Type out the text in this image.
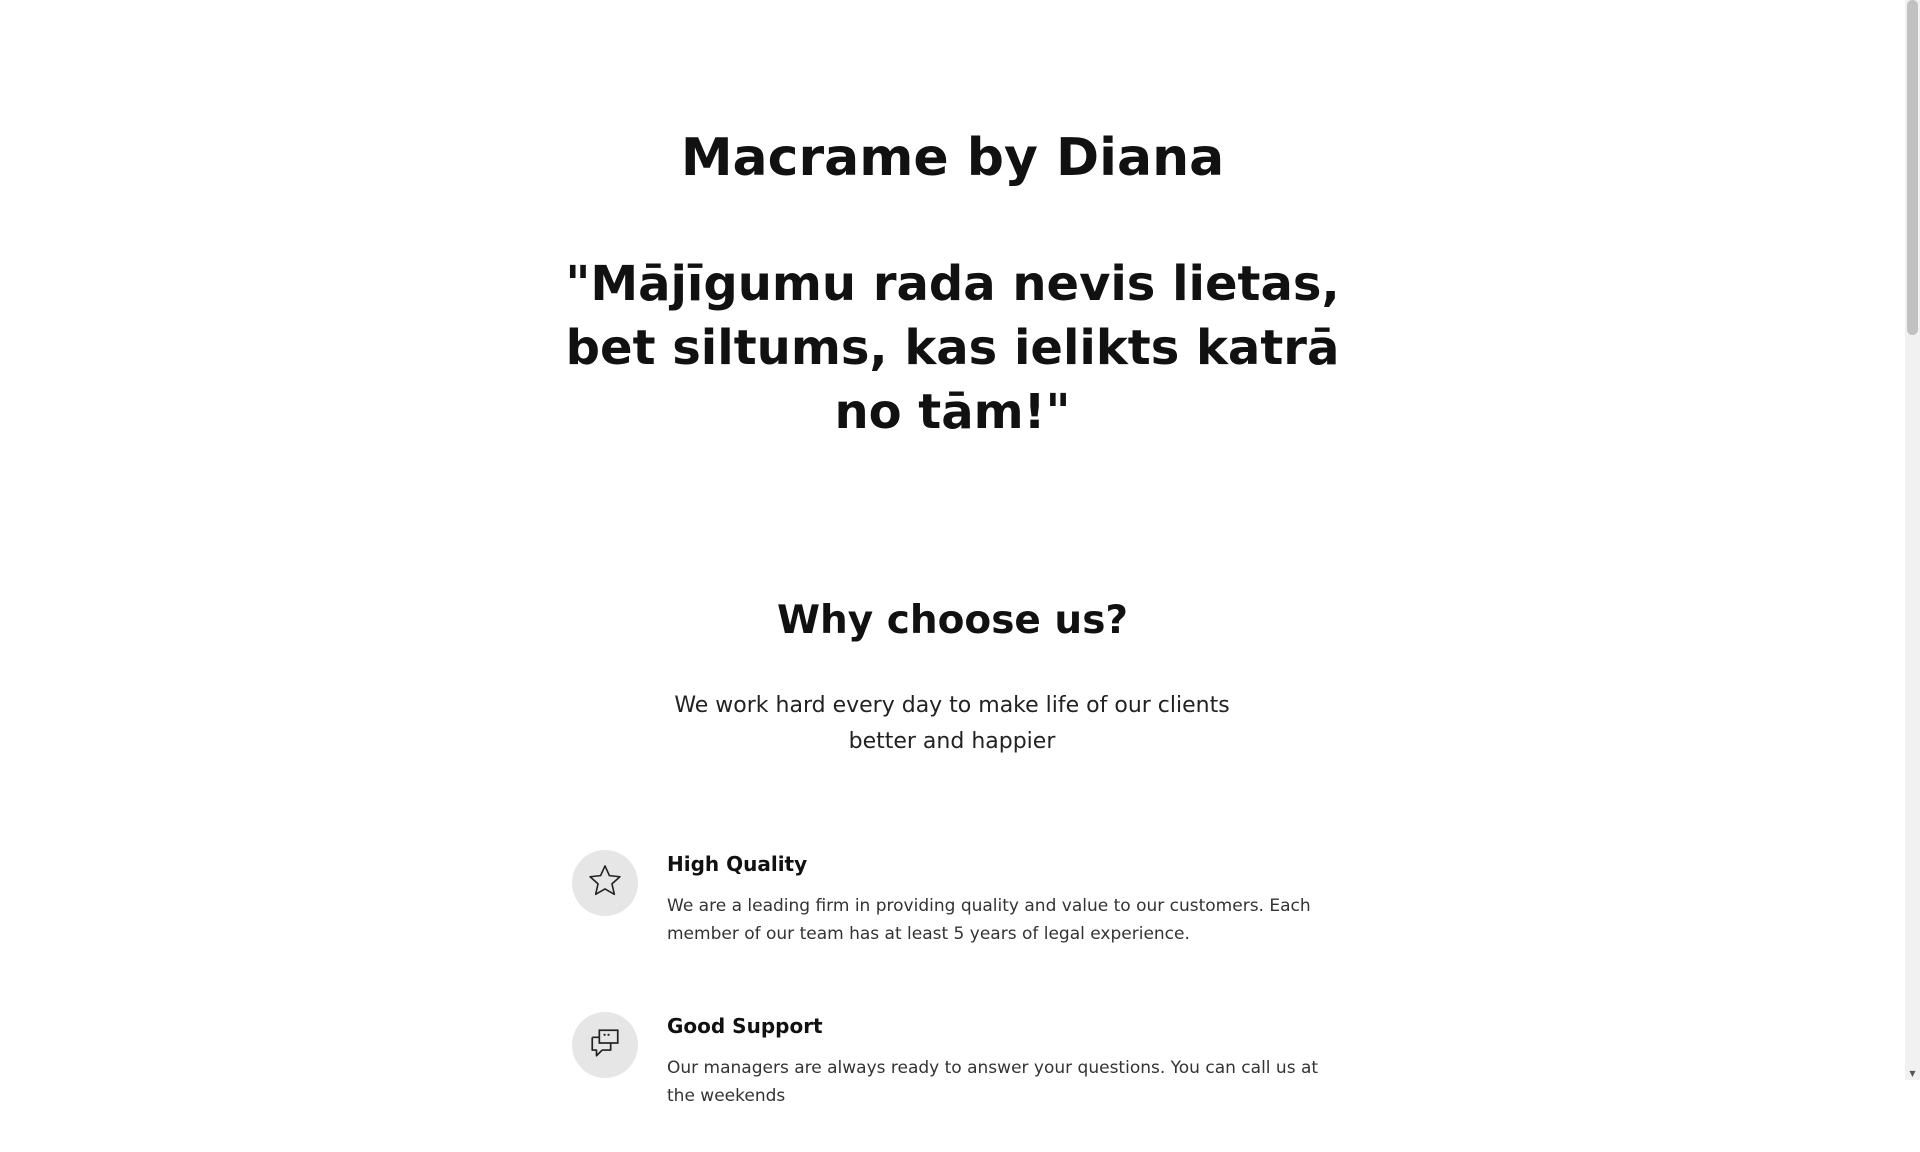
Macrame by Diana
"Mājīgumu rada nevis lietas, bet siltums, kas ielikts katrā no tām!"
Why choose us?

We work hard every day to make life of our clients better and happier

High Quality

We are a leading firm in providing quality and value to our customers. Each member of our team has at least 5 years of legal experience.

Good Support

Our managers are always ready to answer your questions. You can call us at the weekends

▼
